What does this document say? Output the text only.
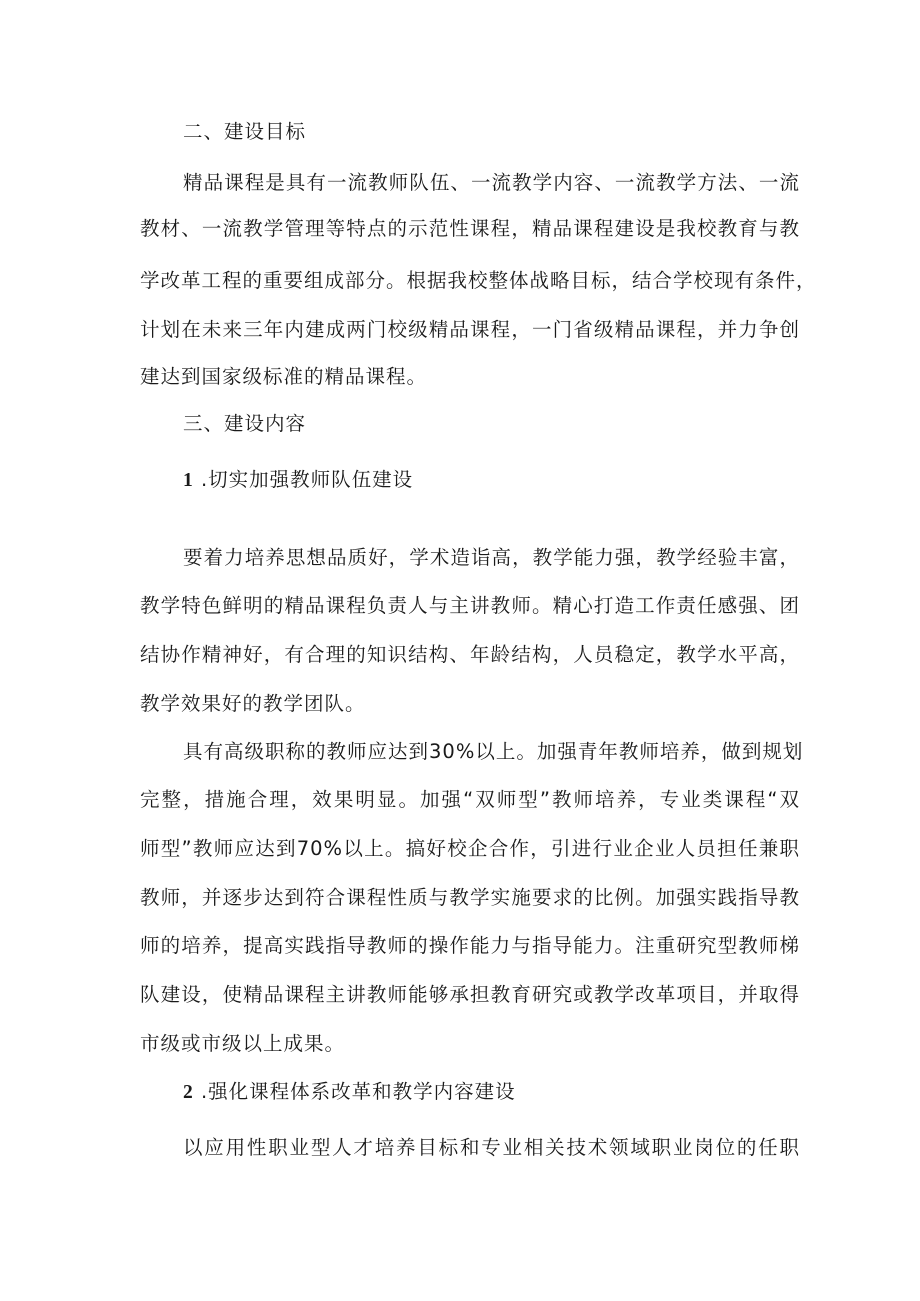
二、建设目标
精品课程是具有一流教师队伍、一流教学内容、一流教学方法、一流
教材、一流教学管理等特点的示范性课程，精品课程建设是我校教育与教
学改革工程的重要组成部分。根据我校整体战略目标，结合学校现有条件，
计划在未来三年内建成两门校级精品课程，一门省级精品课程，并力争创
建达到国家级标准的精品课程。
三、建设内容
1 .切实加强教师队伍建设
要着力培养思想品质好，学术造诣高，教学能力强，教学经验丰富，
教学特色鲜明的精品课程负责人与主讲教师。精心打造工作责任感强、团
结协作精神好，有合理的知识结构、年龄结构，人员稳定，教学水平高，
教学效果好的教学团队。
具有高级职称的教师应达到30%以上。加强青年教师培养，做到规划
完整，措施合理，效果明显。加强“双师型”教师培养，专业类课程“双
师型”教师应达到70%以上。搞好校企合作，引进行业企业人员担任兼职
教师，并逐步达到符合课程性质与教学实施要求的比例。加强实践指导教
师的培养，提高实践指导教师的操作能力与指导能力。注重研究型教师梯
队建设，使精品课程主讲教师能够承担教育研究或教学改革项目，并取得
市级或市级以上成果。
2 .强化课程体系改革和教学内容建设
以应用性职业型人才培养目标和专业相关技术领域职业岗位的任职
